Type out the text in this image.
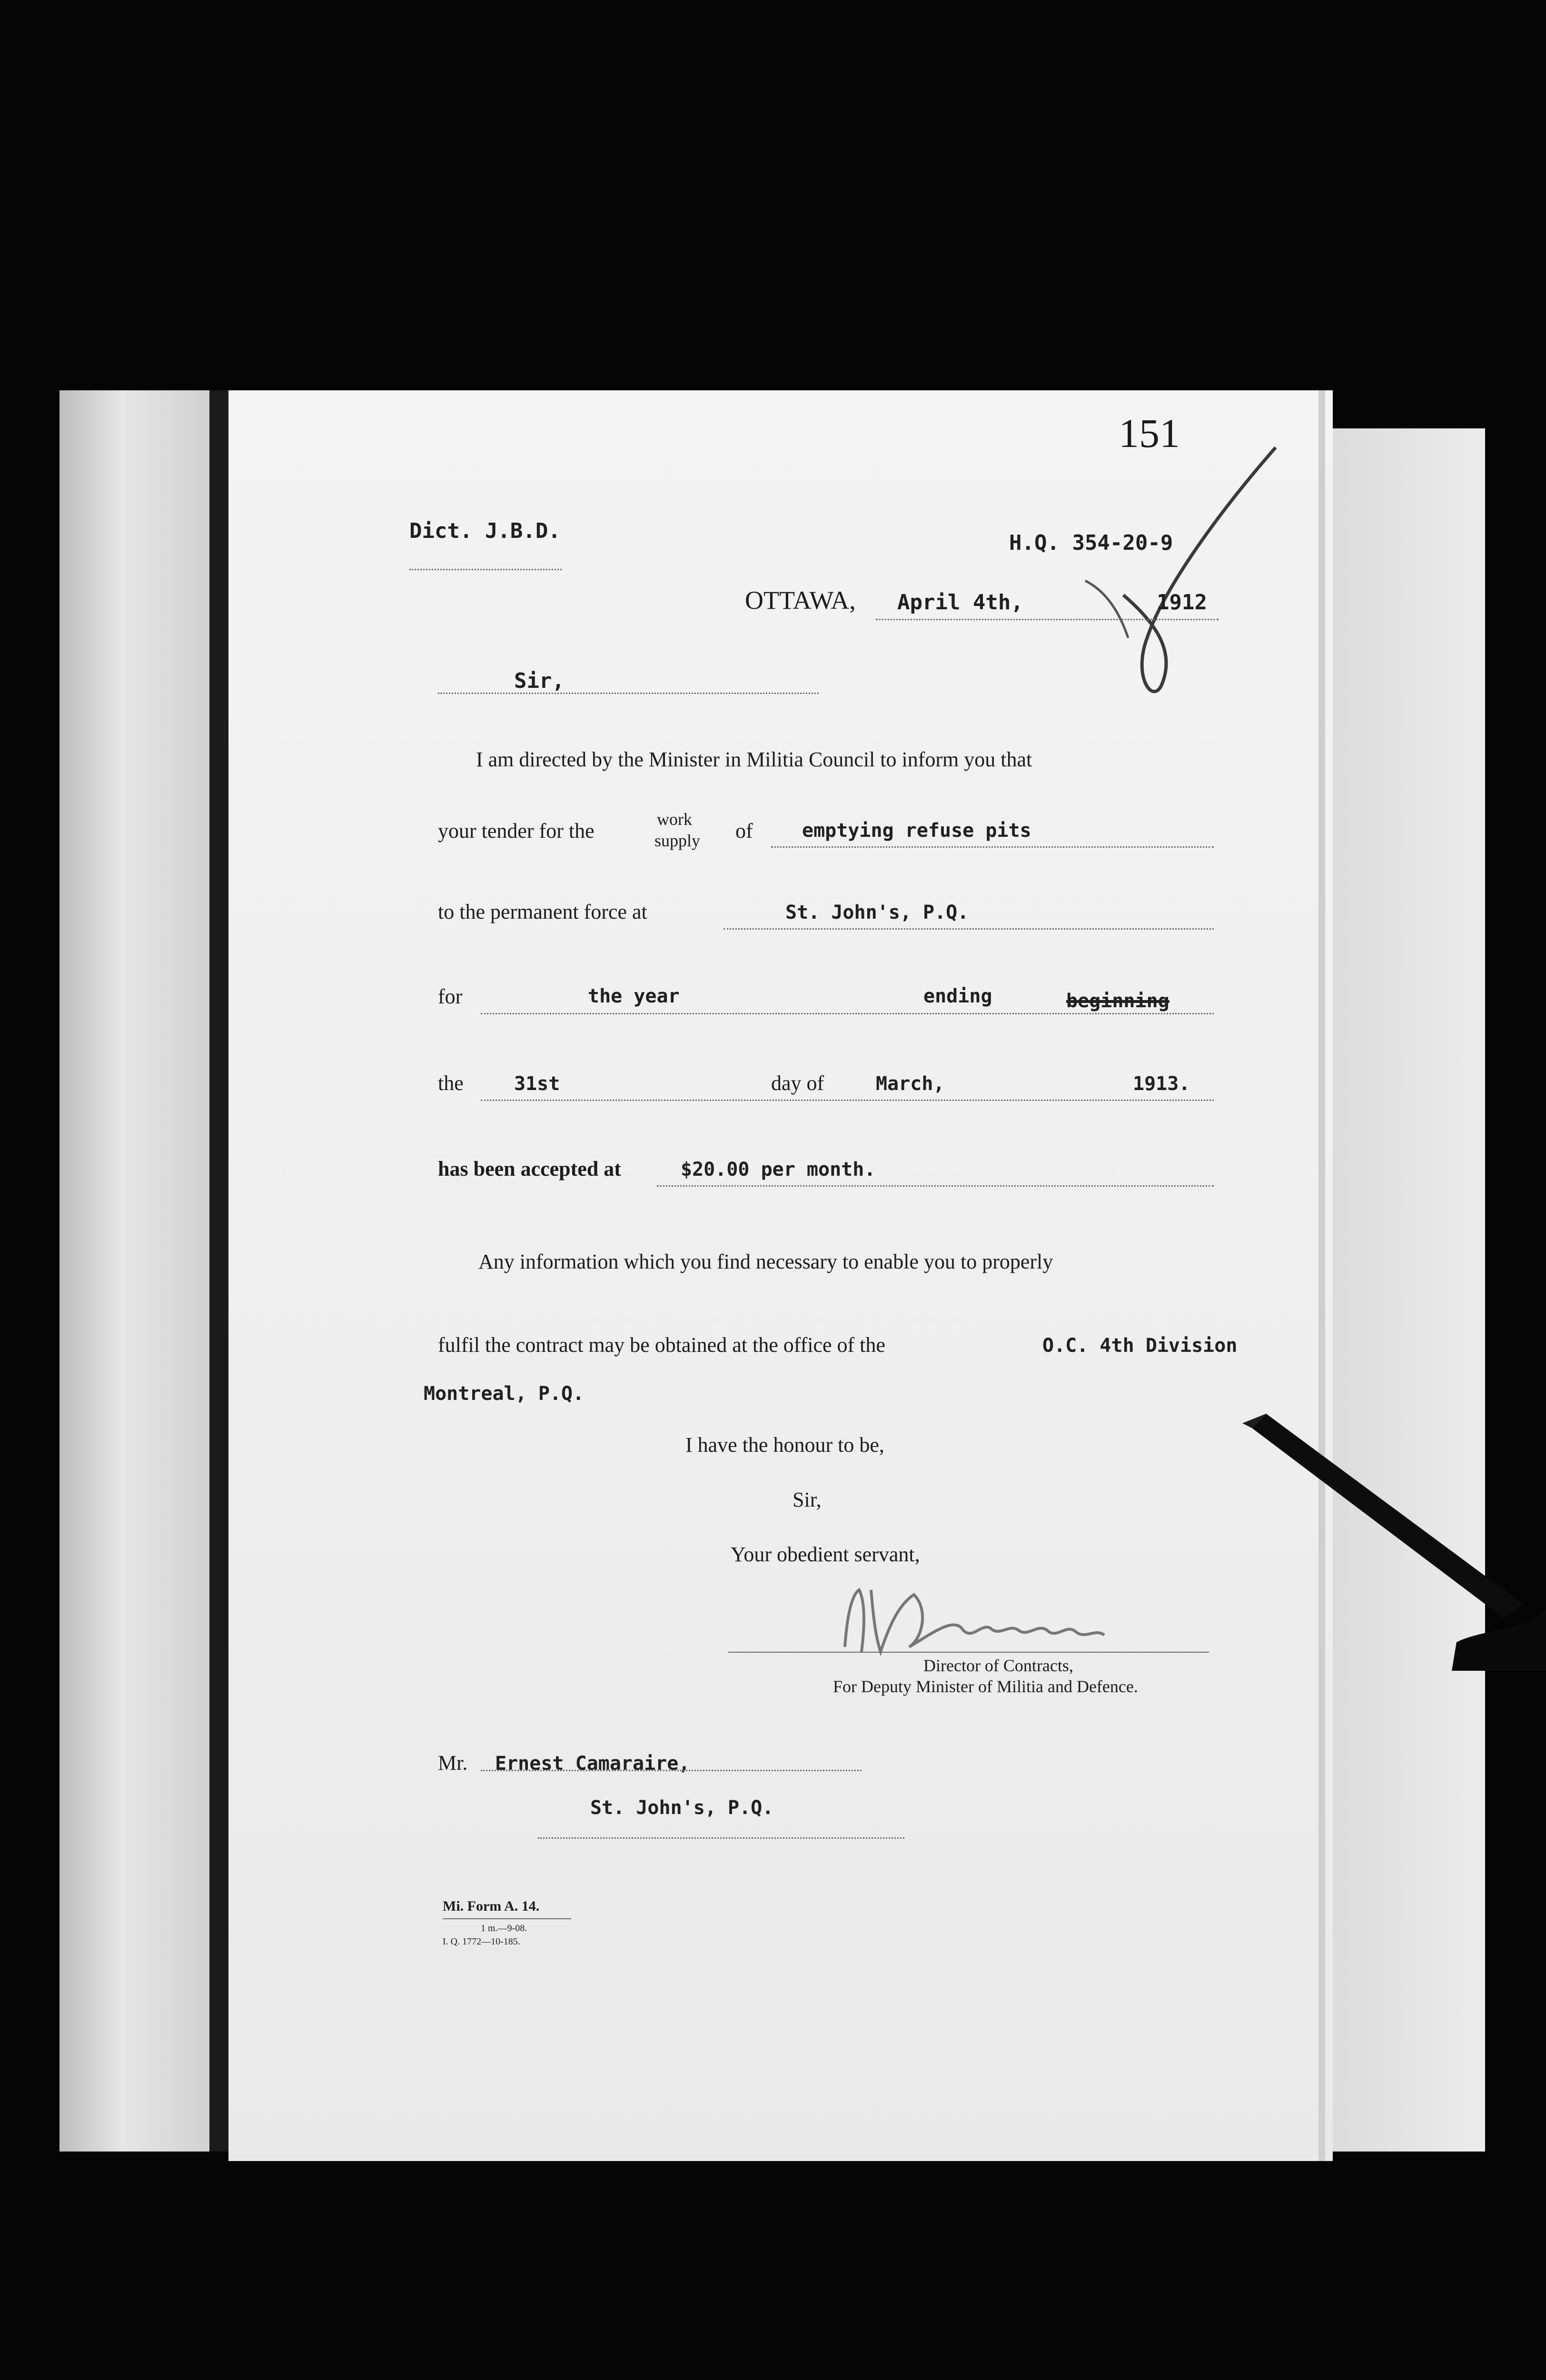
151
Dict. J.B.D.	H.Q. 354-20-9
OTTAWA, April 4th,	1912
Sir,
I am directed by the Minister in Militia Council to inform you that
your tender for the	work
supply of	emptying refuse pits
to the permanent force at	St. John's, P.Q.
for	the year	ending	beginning
the	31st	day of	March,	1913.
has been accepted at	$20.00 per month.
Any information which you find necessary to enable you to properly
fulfil the contract may be obtained at the office of the	O.C. 4th Division
Montreal, P.Q.
I have the honour to be,
Sir,
Your obedient servant,
Director of Contracts,
For Deputy Minister of Militia and Defence.
Mr. Ernest Camaraire,
St. John's, P.Q.
Mi. Form A. 14.
1 m.—9-08.
I. Q. 1772—10-185.
